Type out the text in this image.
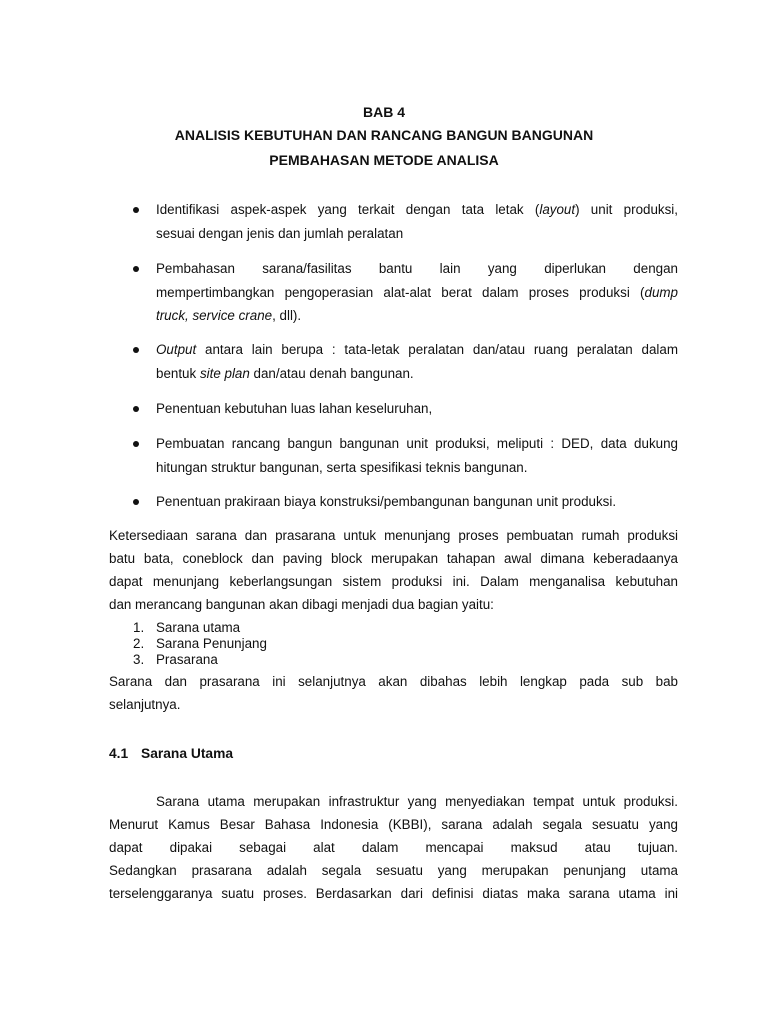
BAB 4
ANALISIS KEBUTUHAN DAN RANCANG BANGUN BANGUNAN
PEMBAHASAN METODE ANALISA
Identifikasi aspek-aspek yang terkait dengan tata letak (layout) unit produksi,
sesuai dengan jenis dan jumlah peralatan
Pembahasan sarana/fasilitas bantu lain yang diperlukan dengan
mempertimbangkan pengoperasian alat-alat berat dalam proses produksi (dump
truck, service crane, dll).
Output antara lain berupa : tata-letak peralatan dan/atau ruang peralatan dalam
bentuk site plan dan/atau denah bangunan.
Penentuan kebutuhan luas lahan keseluruhan,
Pembuatan rancang bangun bangunan unit produksi, meliputi : DED, data dukung
hitungan struktur bangunan, serta spesifikasi teknis bangunan.
Penentuan prakiraan biaya konstruksi/pembangunan bangunan unit produksi.
Ketersediaan sarana dan prasarana untuk menunjang proses pembuatan rumah produksi
batu bata, coneblock dan paving block merupakan tahapan awal dimana keberadaanya
dapat menunjang keberlangsungan sistem produksi ini. Dalam menganalisa kebutuhan
dan merancang bangunan akan dibagi menjadi dua bagian yaitu:
1. Sarana utama
2. Sarana Penunjang
3. Prasarana
Sarana dan prasarana ini selanjutnya akan dibahas lebih lengkap pada sub bab
selanjutnya.
4.1 Sarana Utama
Sarana utama merupakan infrastruktur yang menyediakan tempat untuk produksi.
Menurut Kamus Besar Bahasa Indonesia (KBBI), sarana adalah segala sesuatu yang
dapat dipakai sebagai alat dalam mencapai maksud atau tujuan.
Sedangkan prasarana adalah segala sesuatu yang merupakan penunjang utama
terselenggaranya suatu proses. Berdasarkan dari definisi diatas maka sarana utama ini
